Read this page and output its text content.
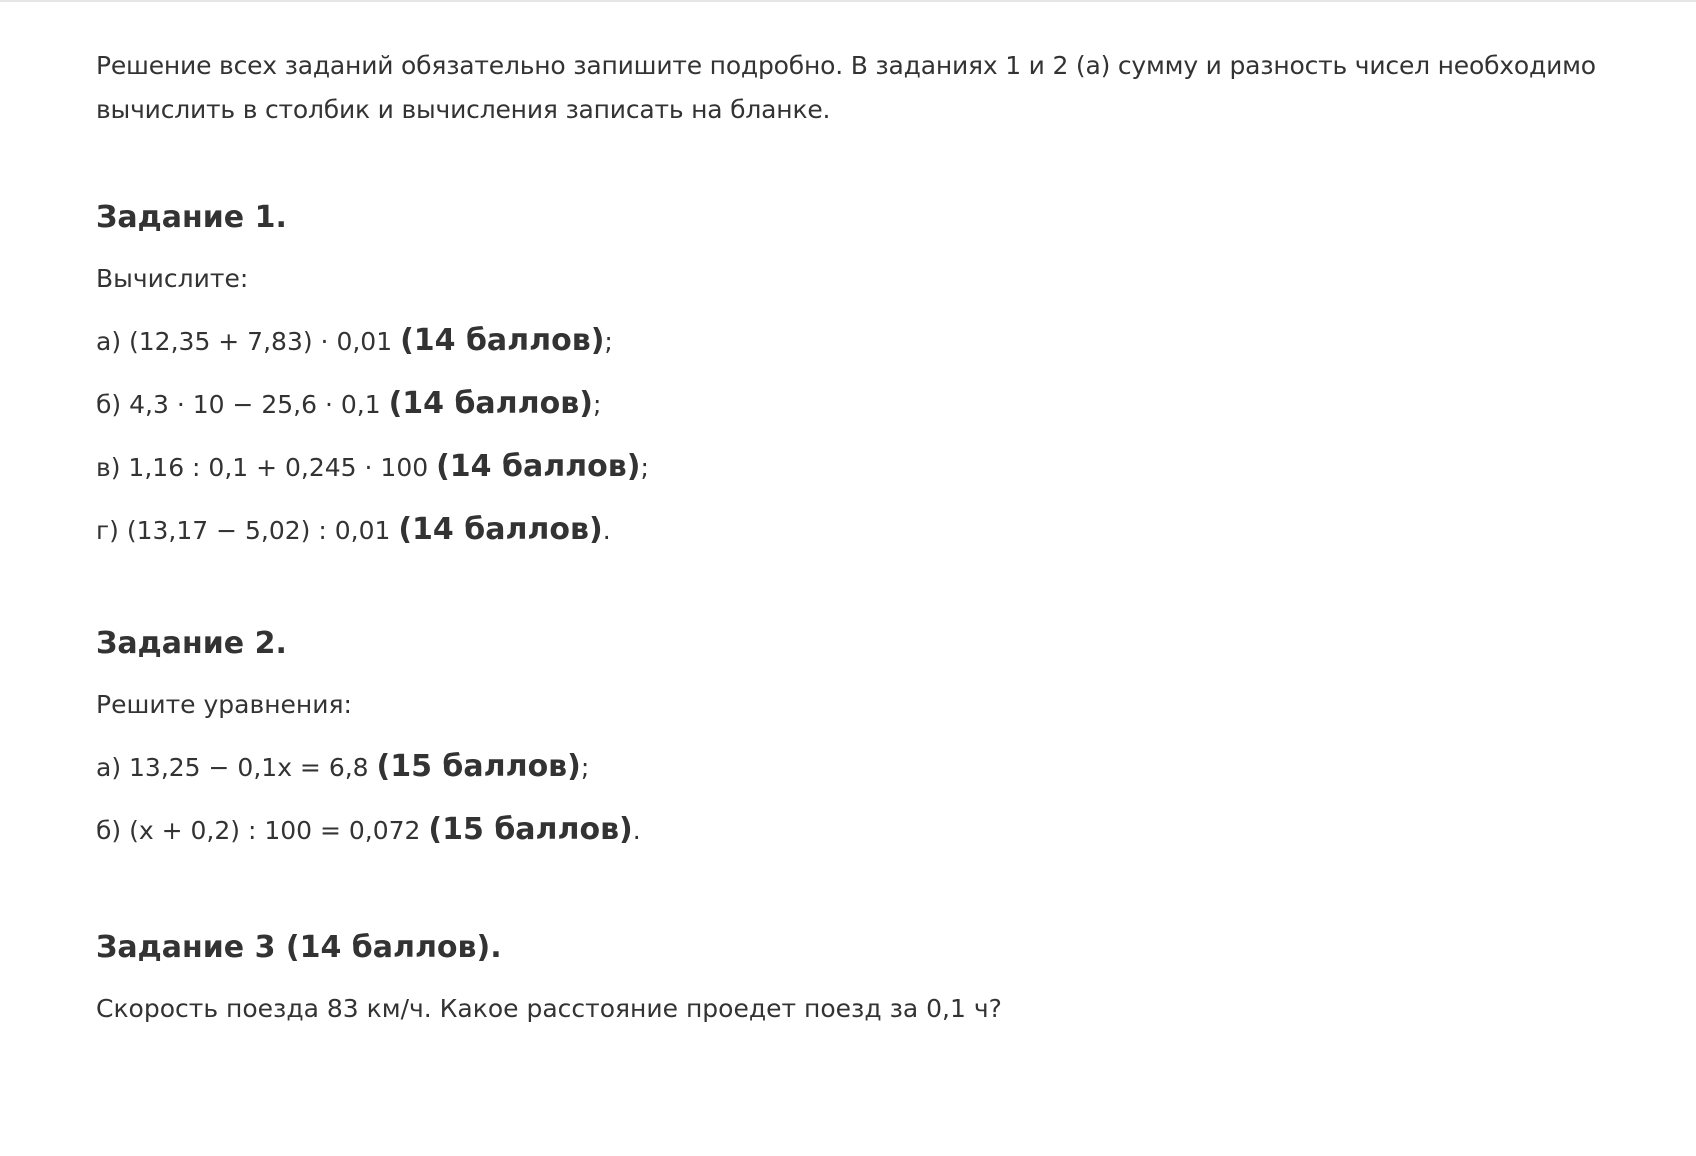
Решение всех заданий обязательно запишите подробно. В заданиях 1 и 2 (а) сумму и разность чисел необходимо вычислить в столбик и вычисления записать на бланке.

Задание 1.

Вычислите:

а) (12,35 + 7,83) · 0,01 (14 баллов);

б) 4,3 · 10 − 25,6 · 0,1 (14 баллов);

в) 1,16 : 0,1 + 0,245 · 100 (14 баллов);

г) (13,17 − 5,02) : 0,01 (14 баллов).

Задание 2.

Решите уравнения:

а) 13,25 − 0,1x = 6,8 (15 баллов);

б) (x + 0,2) : 100 = 0,072 (15 баллов).

Задание 3 (14 баллов).

Скорость поезда 83 км/ч. Какое расстояние проедет поезд за 0,1 ч?
